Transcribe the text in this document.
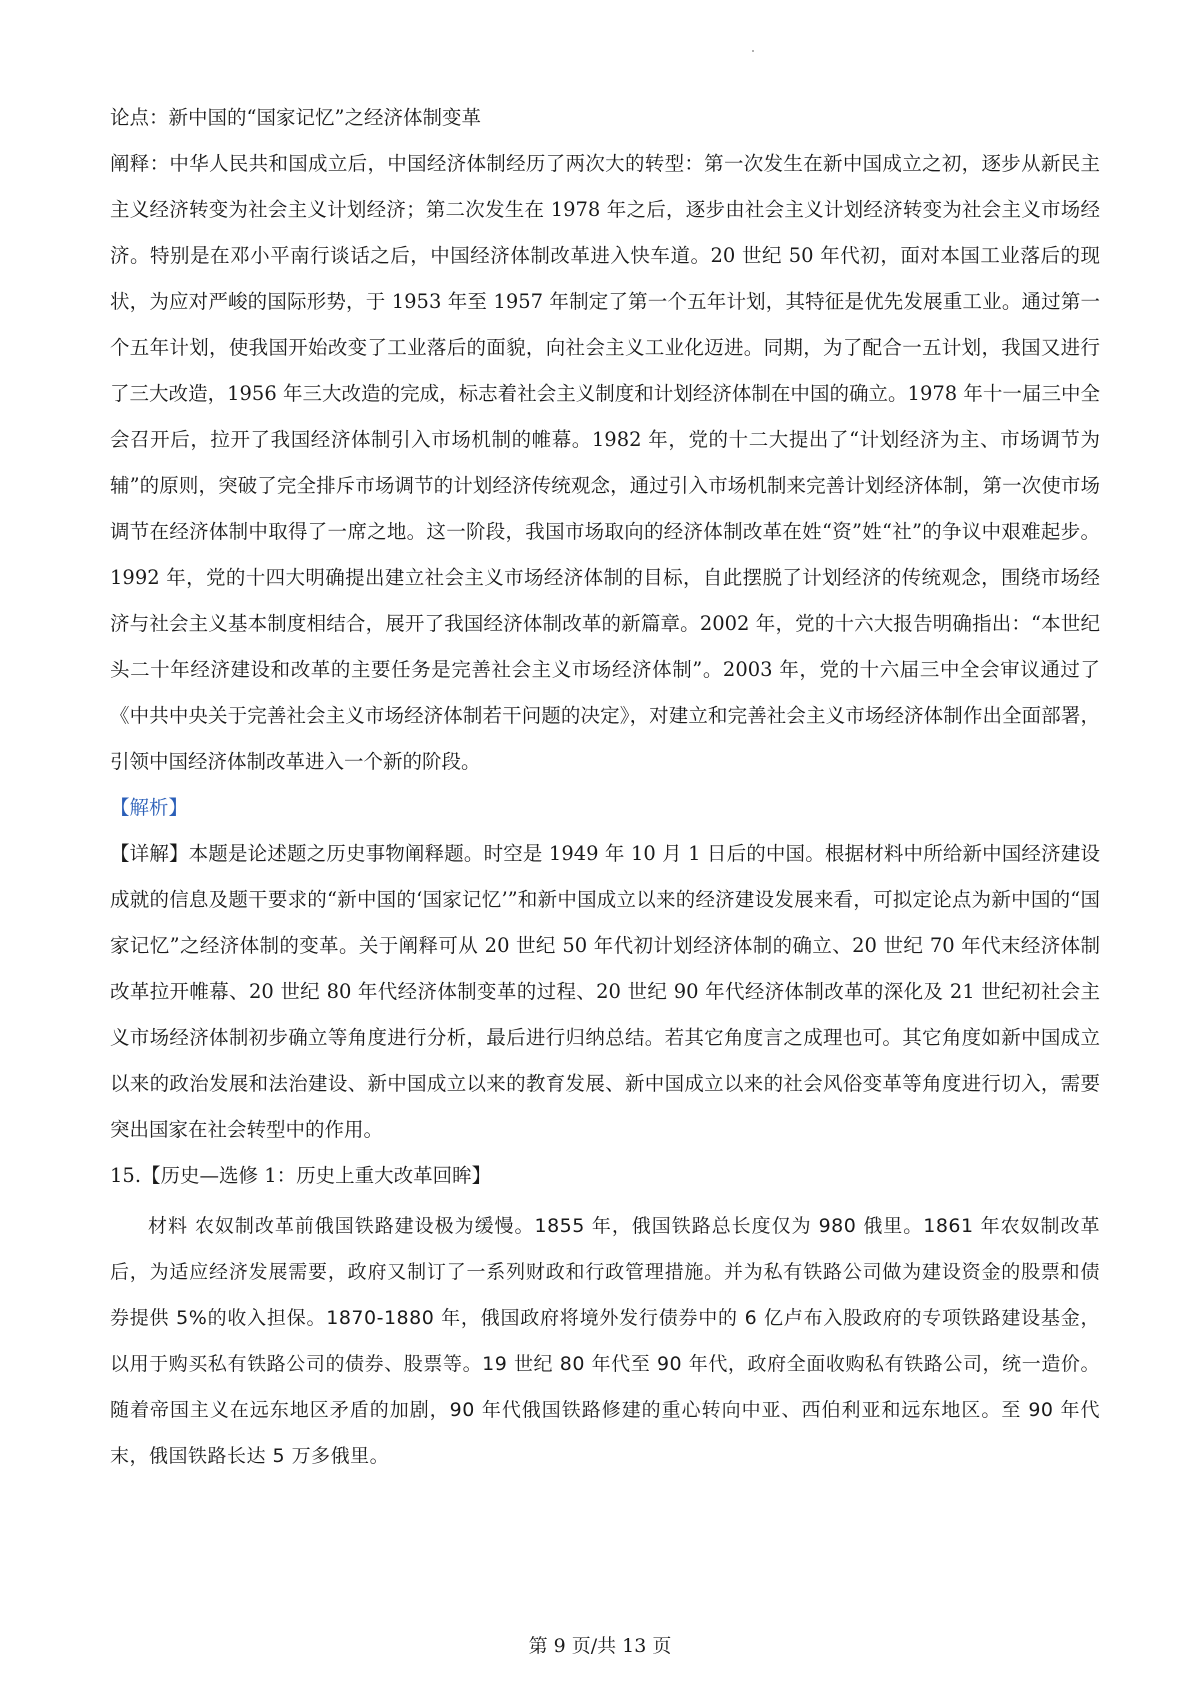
论点：新中国的“国家记忆”之经济体制变革

阐释：中华人民共和国成立后，中国经济体制经历了两次大的转型：第一次发生在新中国成立之初，逐步从新民主主义经济转变为社会主义计划经济；第二次发生在 1978 年之后，逐步由社会主义计划经济转变为社会主义市场经济。特别是在邓小平南行谈话之后，中国经济体制改革进入快车道。20 世纪 50 年代初，面对本国工业落后的现状，为应对严峻的国际形势，于 1953 年至 1957 年制定了第一个五年计划，其特征是优先发展重工业。通过第一个五年计划，使我国开始改变了工业落后的面貌，向社会主义工业化迈进。同期，为了配合一五计划，我国又进行了三大改造，1956 年三大改造的完成，标志着社会主义制度和计划经济体制在中国的确立。1978 年十一届三中全会召开后，拉开了我国经济体制引入市场机制的帷幕。1982 年，党的十二大提出了“计划经济为主、市场调节为辅”的原则，突破了完全排斥市场调节的计划经济传统观念，通过引入市场机制来完善计划经济体制，第一次使市场调节在经济体制中取得了一席之地。这一阶段，我国市场取向的经济体制改革在姓“资”姓“社”的争议中艰难起步。1992 年，党的十四大明确提出建立社会主义市场经济体制的目标，自此摆脱了计划经济的传统观念，围绕市场经济与社会主义基本制度相结合，展开了我国经济体制改革的新篇章。2002 年，党的十六大报告明确指出：“本世纪头二十年经济建设和改革的主要任务是完善社会主义市场经济体制”。2003 年，党的十六届三中全会审议通过了《中共中央关于完善社会主义市场经济体制若干问题的决定》，对建立和完善社会主义市场经济体制作出全面部署，引领中国经济体制改革进入一个新的阶段。

【解析】

【详解】本题是论述题之历史事物阐释题。时空是 1949 年 10 月 1 日后的中国。根据材料中所给新中国经济建设成就的信息及题干要求的“新中国的‘国家记忆’”和新中国成立以来的经济建设发展来看，可拟定论点为新中国的“国家记忆”之经济体制的变革。关于阐释可从 20 世纪 50 年代初计划经济体制的确立、20 世纪 70 年代末经济体制改革拉开帷幕、20 世纪 80 年代经济体制变革的过程、20 世纪 90 年代经济体制改革的深化及 21 世纪初社会主义市场经济体制初步确立等角度进行分析，最后进行归纳总结。若其它角度言之成理也可。其它角度如新中国成立以来的政治发展和法治建设、新中国成立以来的教育发展、新中国成立以来的社会风俗变革等角度进行切入，需要突出国家在社会转型中的作用。

15.【历史—选修 1：历史上重大改革回眸】

材料 农奴制改革前俄国铁路建设极为缓慢。1855 年，俄国铁路总长度仅为 980 俄里。1861 年农奴制改革后，为适应经济发展需要，政府又制订了一系列财政和行政管理措施。并为私有铁路公司做为建设资金的股票和债券提供 5%的收入担保。1870-1880 年，俄国政府将境外发行债券中的 6 亿卢布入股政府的专项铁路建设基金，以用于购买私有铁路公司的债券、股票等。19 世纪 80 年代至 90 年代，政府全面收购私有铁路公司，统一造价。随着帝国主义在远东地区矛盾的加剧，90 年代俄国铁路修建的重心转向中亚、西伯利亚和远东地区。至 90 年代末，俄国铁路长达 5 万多俄里。

第 9 页/共 13 页
